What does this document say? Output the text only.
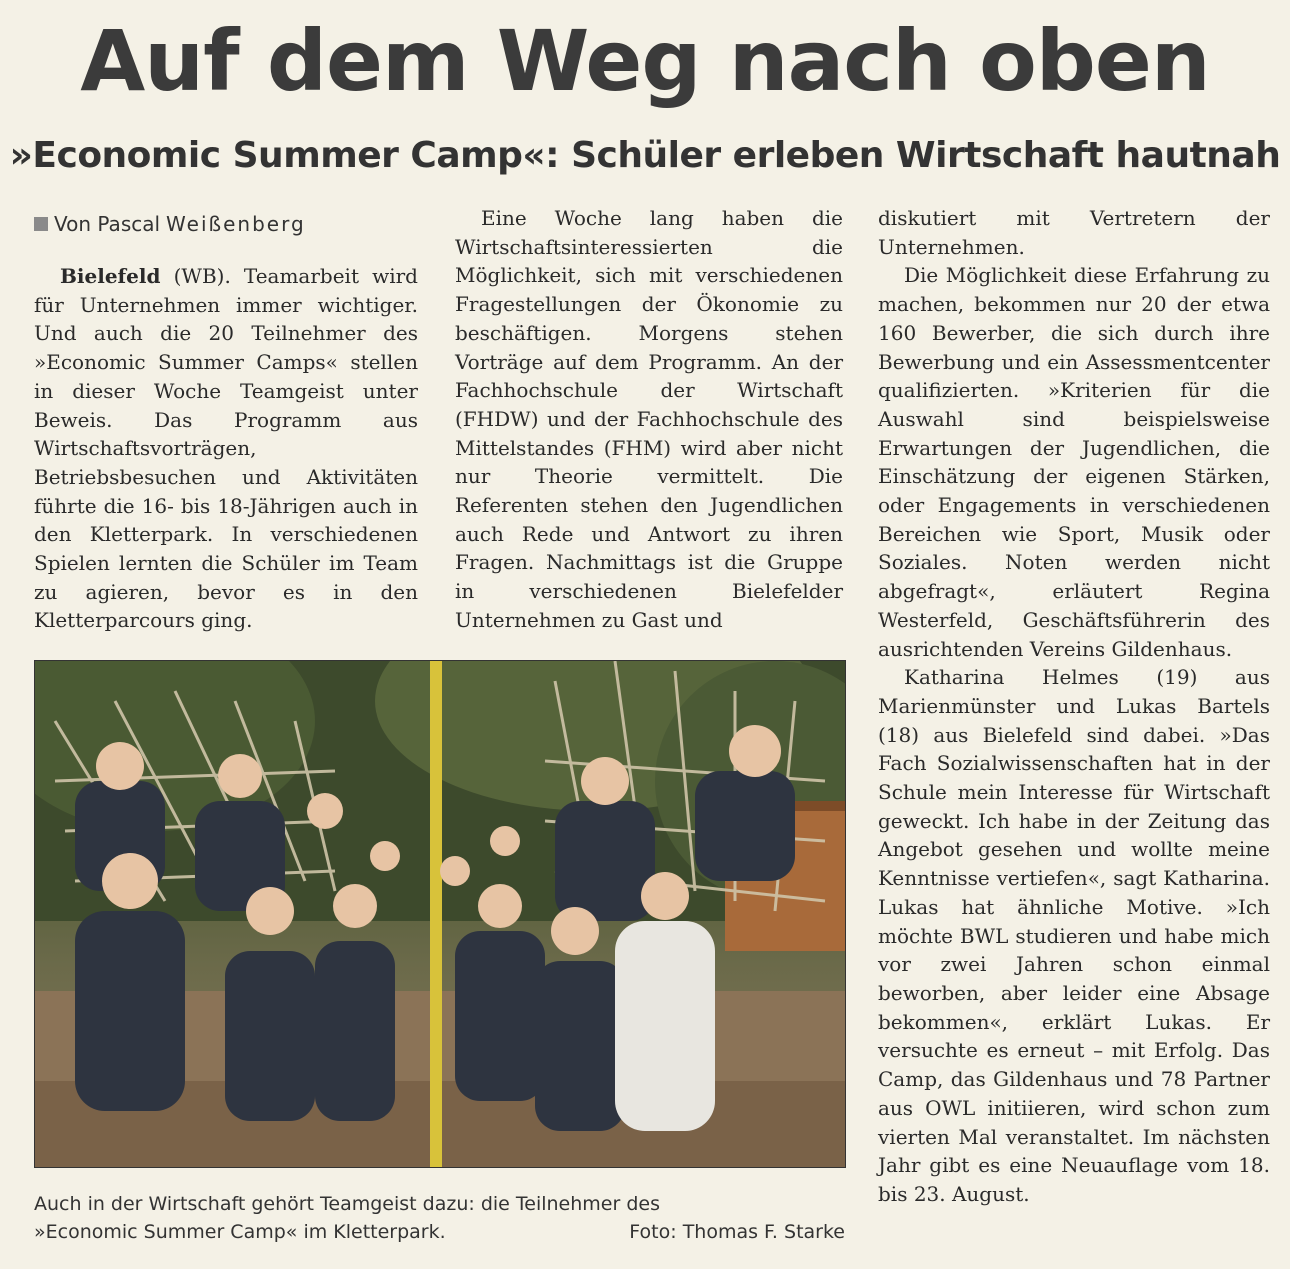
Auf dem Weg nach oben
»Economic Summer Camp«: Schüler erleben Wirtschaft hautnah
Von Pascal Weißenberg

Bielefeld (WB). Teamarbeit wird für Unternehmen immer wichtiger. Und auch die 20 Teilnehmer des »Economic Summer Camps« stellen in dieser Woche Teamgeist unter Beweis. Das Programm aus Wirtschaftsvorträgen, Betriebsbesuchen und Aktivitäten führte die 16- bis 18-Jährigen auch in den Kletterpark. In verschiedenen Spielen lernten die Schüler im Team zu agieren, bevor es in den Kletterparcours ging.

Eine Woche lang haben die Wirtschaftsinteressierten die Möglichkeit, sich mit verschiedenen Fragestellungen der Ökonomie zu beschäftigen. Morgens stehen Vorträge auf dem Programm. An der Fachhochschule der Wirtschaft (FHDW) und der Fachhochschule des Mittelstandes (FHM) wird aber nicht nur Theorie vermittelt. Die Referenten stehen den Jugendlichen auch Rede und Antwort zu ihren Fragen. Nachmittags ist die Gruppe in verschiedenen Bielefelder Unternehmen zu Gast und

diskutiert mit Vertretern der Unternehmen.

Die Möglichkeit diese Erfahrung zu machen, bekommen nur 20 der etwa 160 Bewerber, die sich durch ihre Bewerbung und ein Assessmentcenter qualifizierten. »Kriterien für die Auswahl sind beispielsweise Erwartungen der Jugendlichen, die Einschätzung der eigenen Stärken, oder Engagements in verschiedenen Bereichen wie Sport, Musik oder Soziales. Noten werden nicht abgefragt«, erläutert Regina Westerfeld, Geschäftsführerin des ausrichtenden Vereins Gildenhaus.

Katharina Helmes (19) aus Marienmünster und Lukas Bartels (18) aus Bielefeld sind dabei. »Das Fach Sozialwissenschaften hat in der Schule mein Interesse für Wirtschaft geweckt. Ich habe in der Zeitung das Angebot gesehen und wollte meine Kenntnisse vertiefen«, sagt Katharina. Lukas hat ähnliche Motive. »Ich möchte BWL studieren und habe mich vor zwei Jahren schon einmal beworben, aber leider eine Absage bekommen«, erklärt Lukas. Er versuchte es erneut – mit Erfolg. Das Camp, das Gildenhaus und 78 Partner aus OWL initiieren, wird schon zum vierten Mal veranstaltet. Im nächsten Jahr gibt es eine Neuauflage vom 18. bis 23. August.

Auch in der Wirtschaft gehört Teamgeist dazu: die Teilnehmer des
»Economic Summer Camp« im Kletterpark.	Foto: Thomas F. Starke
